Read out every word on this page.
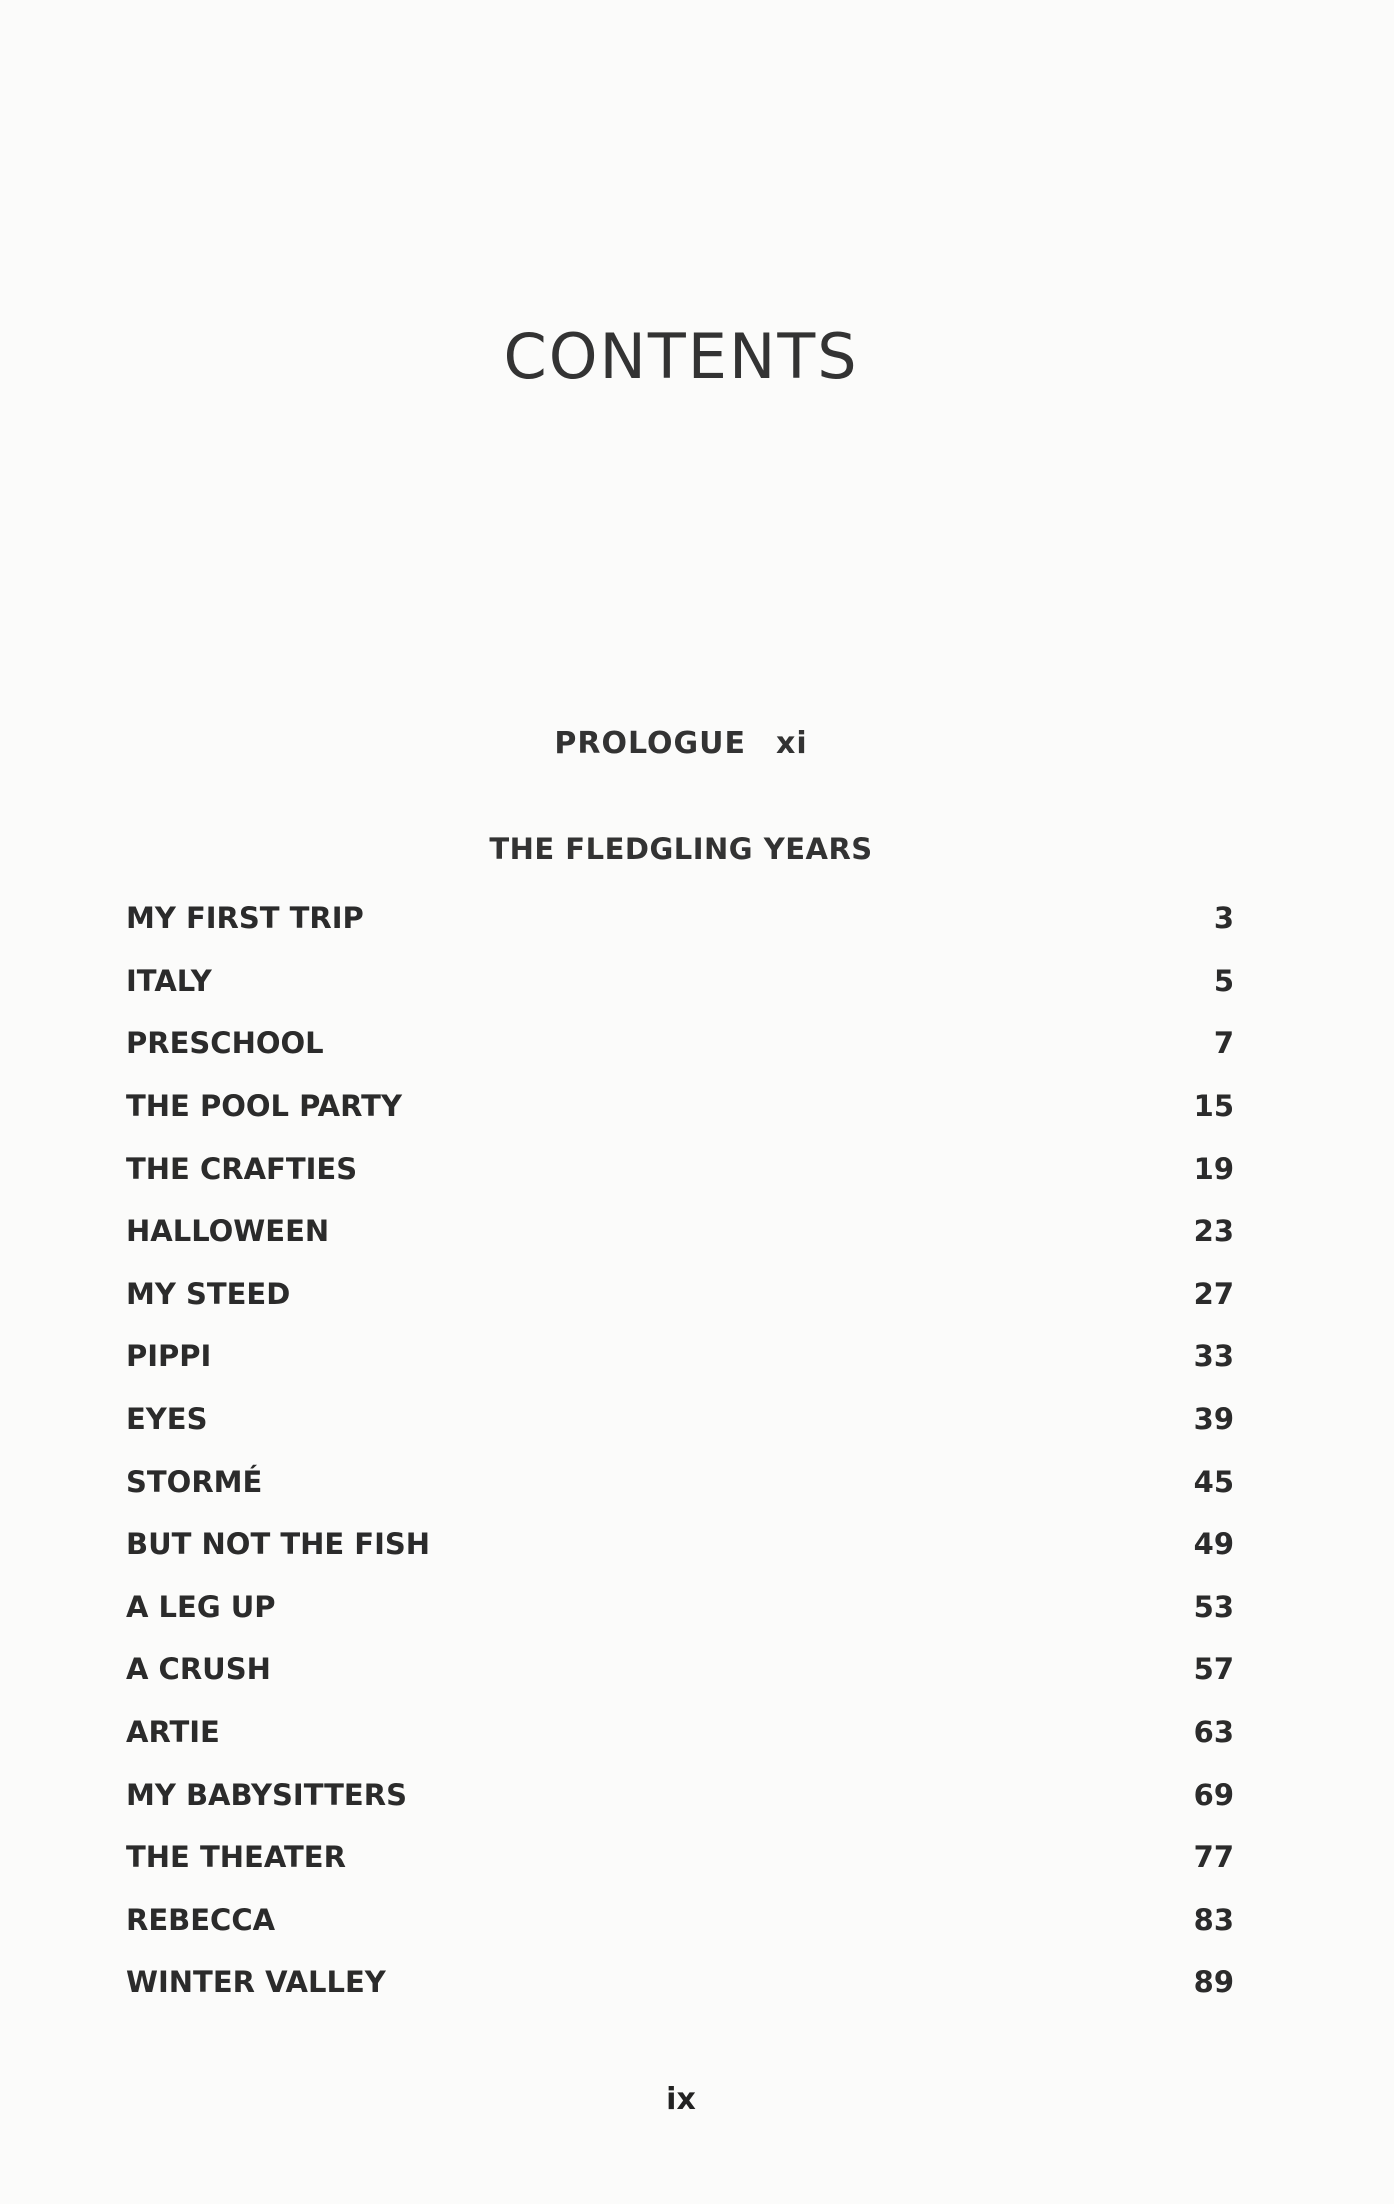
CONTENTS
PROLOGUE xi
THE FLEDGLING YEARS
MY FIRST TRIP	3
ITALY	5
PRESCHOOL	7
THE POOL PARTY	15
THE CRAFTIES	19
HALLOWEEN	23
MY STEED	27
PIPPI	33
EYES	39
STORMÉ	45
BUT NOT THE FISH	49
A LEG UP	53
A CRUSH	57
ARTIE	63
MY BABYSITTERS	69
THE THEATER	77
REBECCA	83
WINTER VALLEY	89
ix
